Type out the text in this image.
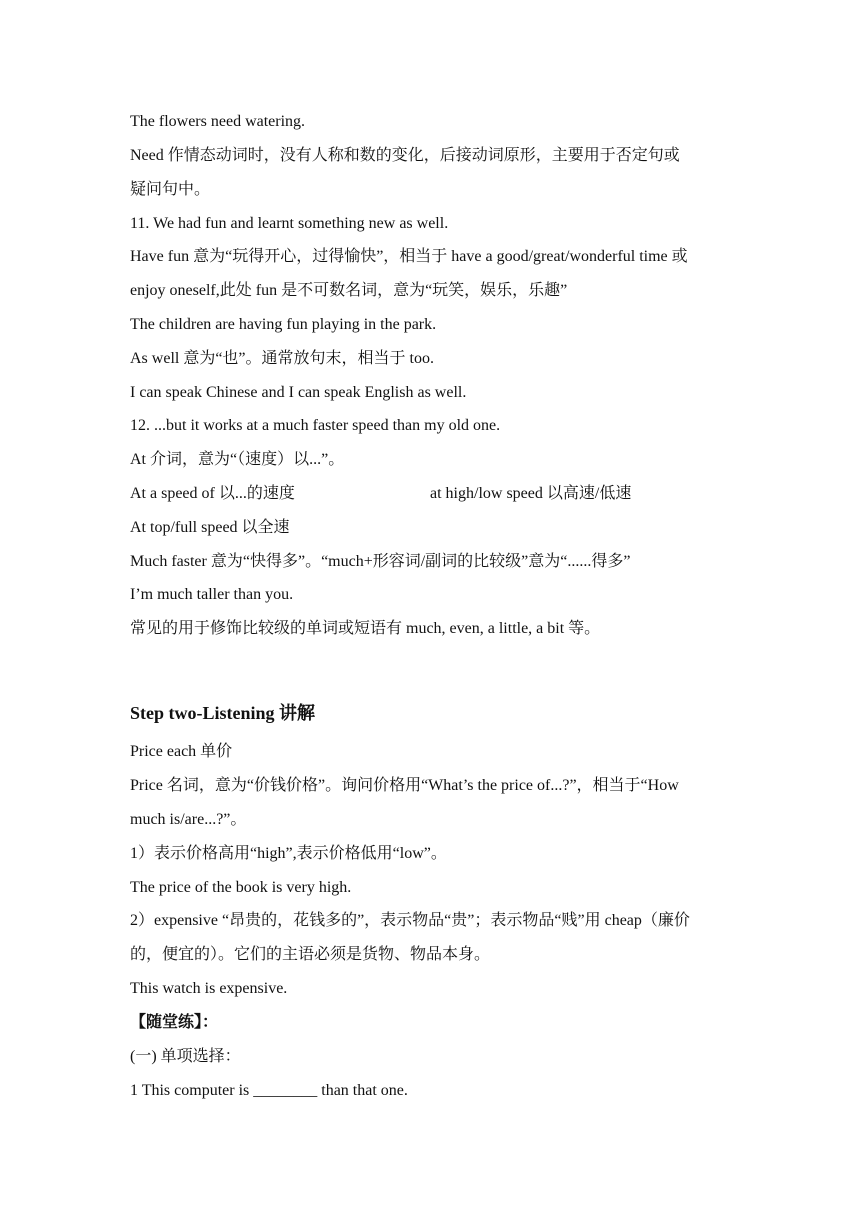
The flowers need watering.
Need 作情态动词时，没有人称和数的变化，后接动词原形，主要用于否定句或
疑问句中。
11. We had fun and learnt something new as well.
Have fun 意为“玩得开心，过得愉快”，相当于 have a good/great/wonderful time 或
enjoy oneself,此处 fun 是不可数名词，意为“玩笑，娱乐，乐趣”
The children are having fun playing in the park.
As well 意为“也”。通常放句末，相当于 too.
I can speak Chinese and I can speak English as well.
12. ...but it works at a much faster speed than my old one.
At 介词，意为“（速度）以...”。
At a speed of 以...的速度	at high/low speed 以高速/低速
At top/full speed 以全速
Much faster 意为“快得多”。“much+形容词/副词的比较级”意为“......得多”
I’m much taller than you.
常见的用于修饰比较级的单词或短语有 much, even, a little, a bit 等。
Step two-Listening 讲解
Price each 单价
Price 名词，意为“价钱价格”。询问价格用“What’s the price of...?”，相当于“How
much is/are...?”。
1）表示价格高用“high”,表示价格低用“low”。
The price of the book is very high.
2）expensive “昂贵的，花钱多的”，表示物品“贵”；表示物品“贱”用 cheap（廉价
的，便宜的）。它们的主语必须是货物、物品本身。
This watch is expensive.
【随堂练】：
(一) 单项选择：
1 This computer is ________ than that one.
